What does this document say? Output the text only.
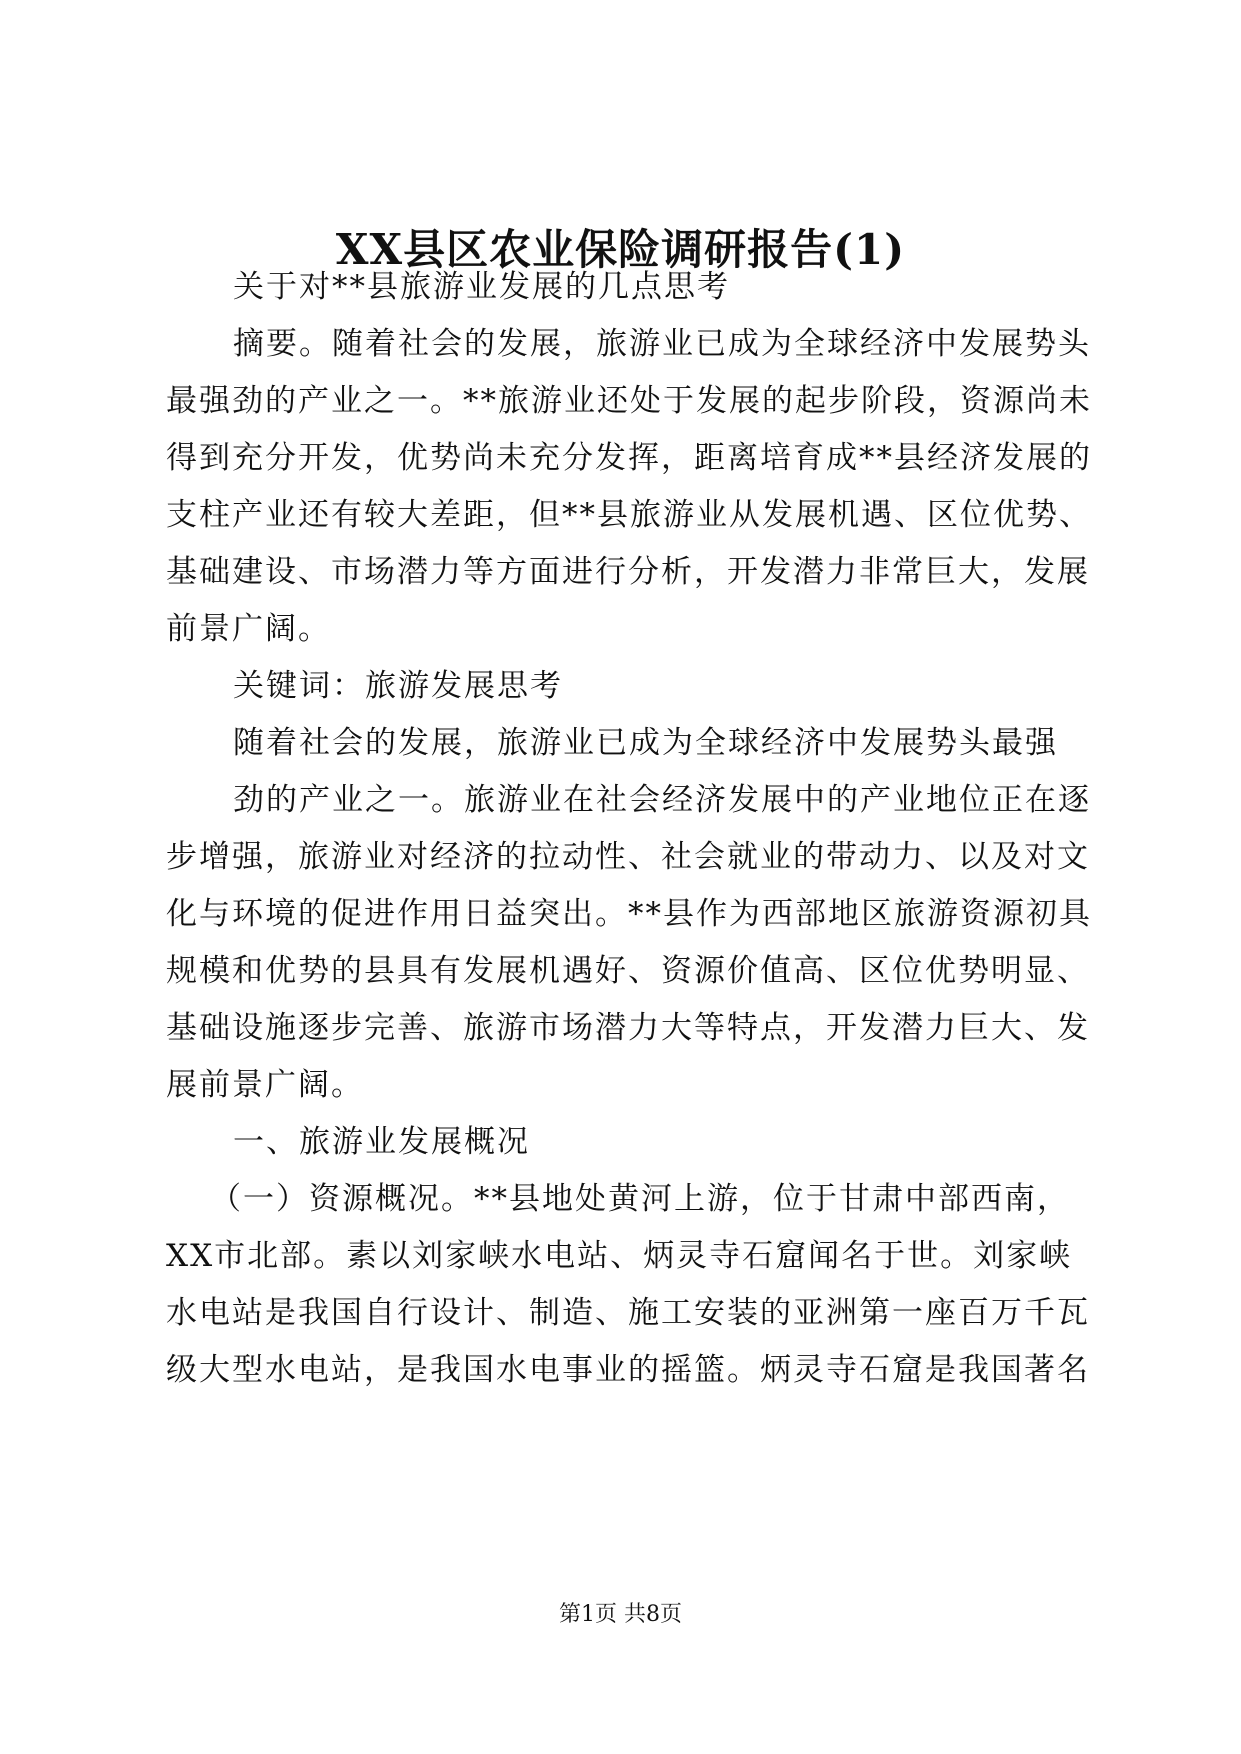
XX县区农业保险调研报告(1)
关于对**县旅游业发展的几点思考
摘要。随着社会的发展，旅游业已成为全球经济中发展势头
最强劲的产业之一。**旅游业还处于发展的起步阶段，资源尚未
得到充分开发，优势尚未充分发挥，距离培育成**县经济发展的
支柱产业还有较大差距，但**县旅游业从发展机遇、区位优势、
基础建设、市场潜力等方面进行分析，开发潜力非常巨大，发展
前景广阔。
关键词：旅游发展思考
随着社会的发展，旅游业已成为全球经济中发展势头最强
劲的产业之一。旅游业在社会经济发展中的产业地位正在逐
步增强，旅游业对经济的拉动性、社会就业的带动力、以及对文
化与环境的促进作用日益突出。**县作为西部地区旅游资源初具
规模和优势的县具有发展机遇好、资源价值高、区位优势明显、
基础设施逐步完善、旅游市场潜力大等特点，开发潜力巨大、发
展前景广阔。
一、旅游业发展概况
（一）资源概况。**县地处黄河上游，位于甘肃中部西南，
XX市北部。素以刘家峡水电站、炳灵寺石窟闻名于世。刘家峡
水电站是我国自行设计、制造、施工安装的亚洲第一座百万千瓦
级大型水电站，是我国水电事业的摇篮。炳灵寺石窟是我国著名
第1页 共8页
